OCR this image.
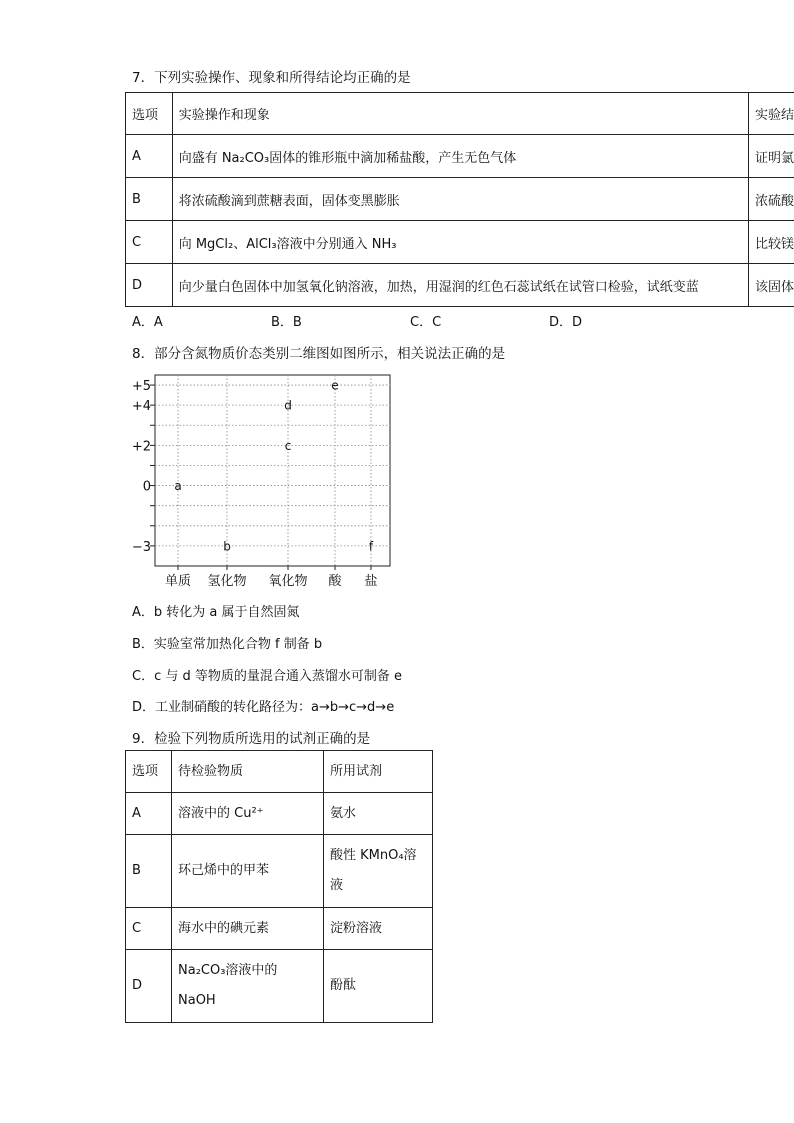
7．下列实验操作、现象和所得结论均正确的是
选项	实验操作和现象	实验结
A	向盛有 Na₂CO₃固体的锥形瓶中滴加稀盐酸，产生无色气体	证明氯
B	将浓硫酸滴到蔗糖表面，固体变黑膨胀	浓硫酸
C	向 MgCl₂、AlCl₃溶液中分别通入 NH₃	比较镁
D	向少量白色固体中加氢氧化钠溶液，加热，用湿润的红色石蕊试纸在试管口检验，试纸变蓝	该固体
A．A	B．B	C．C	D．D
8．部分含氮物质价态类别二维图如图所示，相关说法正确的是
+5
+4
+2
0
−3
单质 氢化物 氧化物 酸 盐
a
b
c
d
e
f
A．b 转化为 a 属于自然固氮
B．实验室常加热化合物 f 制备 b
C．c 与 d 等物质的量混合通入蒸馏水可制备 e
D．工业制硝酸的转化路径为：a→b→c→d→e
9．检验下列物质所选用的试剂正确的是
选项	待检验物质	所用试剂
A	溶液中的 Cu²⁺	氨水
B	环己烯中的甲苯	酸性 KMnO₄溶液
C	海水中的碘元素	淀粉溶液
D	Na₂CO₃溶液中的 NaOH	酚酞
